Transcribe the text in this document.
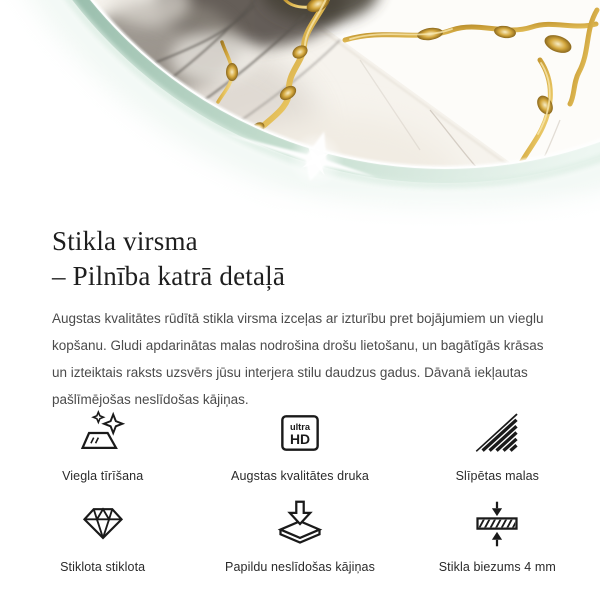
Stikla virsma
– Pilnība katrā detaļā

Augstas kvalitātes rūdītā stikla virsma izceļas ar izturību pret bojājumiem un vieglu kopšanu. Gludi apdarinātas malas nodrošina drošu lietošanu, un bagātīgās krāsas un izteiktais raksts uzsvērs jūsu interjera stilu daudzus gadus. Dāvanā iekļautas pašlīmējošas neslīdošas kājiņas.

Viegla tīrīšana
ultra
HD
Augstas kvalitātes druka	Slīpētas malas
Stiklota stiklota	Papildu neslīdošas kājiņas	Stikla biezums 4 mm
